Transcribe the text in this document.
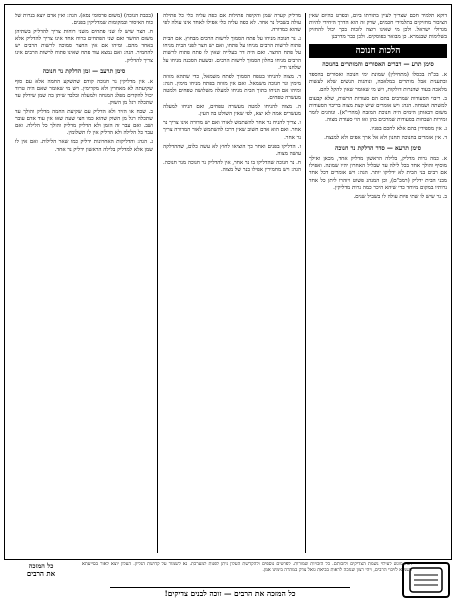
דוקא תלמיד חכם שצריך לעיין בתורתו ביום, ובפרט כהיום שאין הציבור מחזיקים בתלמידי חכמים, שרק זה הוא הדרך היחידי להיות מגדולי ישראל. ולכן מי שאינו רוצה לזכות בכך יכול להחזיק בשלימות שבגמרא. כן מבואר בפוסקים. ולכן כבר מדרבנן

הלכות חנוכה
סימן תרע — דברים האסורים והמותרים בחנוכה

א. בכ"ה בכסלו (מתחילין) שמונת ימי חנוכה ואסורים בהספד ובתענית אבל מותרים במלאכה, ונוהגות הנשים שלא לעשות מלאכה בעוד שהנרות דולקות, ויש מי שאומר שאין להקל להם.

ב. ריבוי הסעודות שמרבים בהם הם סעודות הרשות, שלא קבעום למשתה ושמחה. הגה: ויש אומרים שיש קצת מצוה בריבוי הסעודות משום דבאותן הימים היה חנוכת המזבח (מהרי"א). ונוהגים לומר זמירות ושבחות בסעודות שמרבים בהן ואז הוי סעודת מצוה.

ג. אין מספידין בהם אלא לחכם בפניו.

ד. אין אומרים בחנוכה תחנון ולא אל ארך אפים ולא למנצח.

סימן תרעא — סדר הדלקת נר חנוכה

א. כמה נרות מדליק, בלילה הראשון מדליק אחד, מכאן ואילך מוסיף והולך אחד בכל לילה עד שבליל האחרון יהיו שמונה. ואפילו אם רבים בני הבית לא ידליקו יותר. הגה: ויש אומרים דכל אחד מבני הבית ידליק (רמב"ם), וכן המנהג פשוט ויזהרו ליתן כל אחד נרותיו במקום מיוחד כדי שיהא היכר כמה נרות מדליקין.

ב. נר שיש לו שתי פיות עולה לו בשביל שנים.

מדליק קערה שמן והקיפה פתילות אם כפה עליה כלי כל פתילה עולה בשביל נר אחד. לא כפה עליה כלי אפילו לאחד אינו עולה לפי שהוא כמדורה.

ג. נר חנוכה מניחו על פתח הסמוך לרשות הרבים מבחוץ. אם הבית פתוח לרשות הרבים מניחו על פתחו, ואם יש חצר לפני הבית מניחו על פתח החצר. ואם היה דר בעלייה שאין לו פתח פתוח לרשות הרבים מניחו בחלון הסמוך לרשות הרבים. ובשעת הסכנה מניחו על שלחנו ודיו.

ד. מצוה להניחו בטפח הסמוך לפתח משמאל, כדי שתהא מזוזה מימין ונר חנוכה משמאל. ואם אין מזוזה בפתח מניחו מימין. הגה: ומיהו אם הניחו בתוך הבית מניחו למעלה משלושה טפחים ולמטה מעשרה טפחים.

ה. מצוה להניחו למטה מעשרה טפחים, ואם הניחו למעלה מעשרים אמה לא יצא, לפי שאין השולט בה העין.

ו. צריך להניח נר אחר להשתמש לאורו ואם יש מדורה אינו צריך נר אחר. ואם הוא אדם חשוב שאין דרכו להשתמש לאור המדורה צריך נר אחר.

ז. הדליקו בפנים ואחר כך הוציאו לחוץ לא עשה כלום, שההדלקה עושה מצוה.

ח. נר חנוכה שהדליקו בו נר אחר, אין להדליק נר חנוכה מנר חנוכה. הגה: ויש מחמירין אפילו בנר של מצוה.

(בכבת הנוכה) (משום פרסומי נסא). הגה: ואין אדם יוצא בנרות של כוח האיסור ובמקומות שמדליקין בפנים.

ח. הצר שיש לו שני פתחים משני רוחות צריך להדליק בשתיהן משום החשד ואם שני הפתחים ברוח אחד אינו צריך להדליק אלא באחד מהם. ומיהו אם אין החצר סמוכה לרשות הרבים יש להחמיר. הגה: ואם נמצא עוד פתח שאינו פתוח לרשות הרבים אינו צריך להדליק.

סימן תרעב — זמן הדלקת נר חנוכה

א. אין מדליקין נר חנוכה קודם שתשקע החמה אלא עם סוף שקיעתה לא מאחרין ולא מקדימין. ויש מי שאומר שאם היה טרוד יכול להקדים מפלג המנחה ולמעלה ובלבד שיתן בה שמן שידלק עד שתכלה רגל מן השוק.

ב. שכח או הזיד ולא הדליק עם שקיעת החמה מדליק והולך עד שתכלה רגל מן השוק שהוא כמו חצי שעה שאז אין עוד אדם עובר ושב. ואם עבר זה הזמן ולא הדליק מדליק והולך כל הלילה. ואם עבר כל הלילה ולא הדליק אין לו תשלומין.

ג. הגה: והדליקות האחרונות ידליק כמו שאר הלילות. ואם אין לו שמן אלא למדליק בלילה הראשון ידליק נר אחד.

הגה מוגש לעילוי נשמת הצדיקים ולזכותם. כל הזכויות שמורות. לפרטים נוספים ולהקדשת העלון ניתן לפנות למערכת. נא לשמור על קדושת הגליון. העלון יוצא לאור בסייעתא דשמיא לזיכוי הרבים, ויהי רצון שנזכה לראות בביאת גואל צדק במהרה בימינו אמן.
כל המזכה
את הרבים
כל המזכה את הרבים — זוכה לבנים צדיקים!
